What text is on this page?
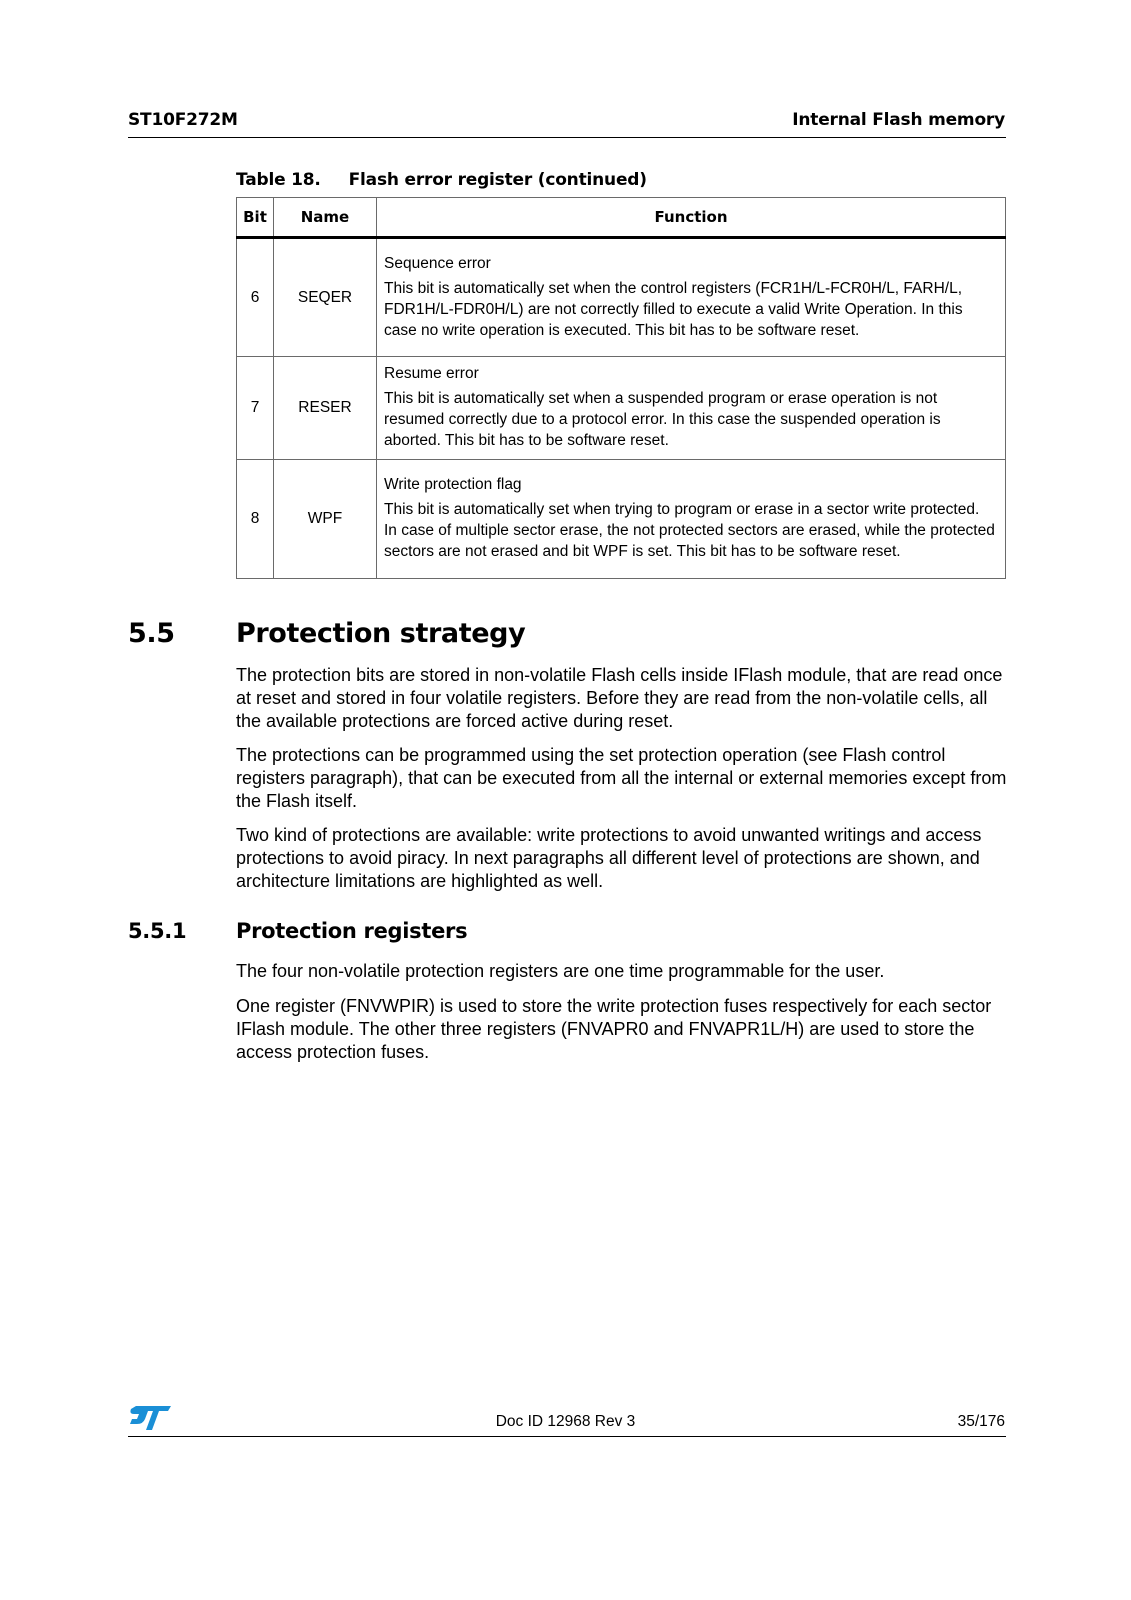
ST10F272M	Internal Flash memory
Table 18. Flash error register (continued)
Bit	Name	Function
6	SEQER	Sequence error
This bit is automatically set when the control registers (FCR1H/L-FCR0H/L, FARH/L, FDR1H/L-FDR0H/L) are not correctly filled to execute a valid Write Operation. In this case no write operation is executed. This bit has to be software reset.

7	RESER	Resume error
This bit is automatically set when a suspended program or erase operation is not resumed correctly due to a protocol error. In this case the suspended operation is aborted. This bit has to be software reset.

8	WPF	Write protection flag
This bit is automatically set when trying to program or erase in a sector write protected. In case of multiple sector erase, the not protected sectors are erased, while the protected sectors are not erased and bit WPF is set. This bit has to be software reset.
5.5 Protection strategy

The protection bits are stored in non-volatile Flash cells inside IFlash module, that are read once at reset and stored in four volatile registers. Before they are read from the non-volatile cells, all the available protections are forced active during reset.

The protections can be programmed using the set protection operation (see Flash control registers paragraph), that can be executed from all the internal or external memories except from the Flash itself.

Two kind of protections are available: write protections to avoid unwanted writings and access protections to avoid piracy. In next paragraphs all different level of protections are shown, and architecture limitations are highlighted as well.

5.5.1 Protection registers

The four non-volatile protection registers are one time programmable for the user.

One register (FNVWPIR) is used to store the write protection fuses respectively for each sector IFlash module. The other three registers (FNVAPR0 and FNVAPR1L/H) are used to store the access protection fuses.

Doc ID 12968 Rev 3	35/176
